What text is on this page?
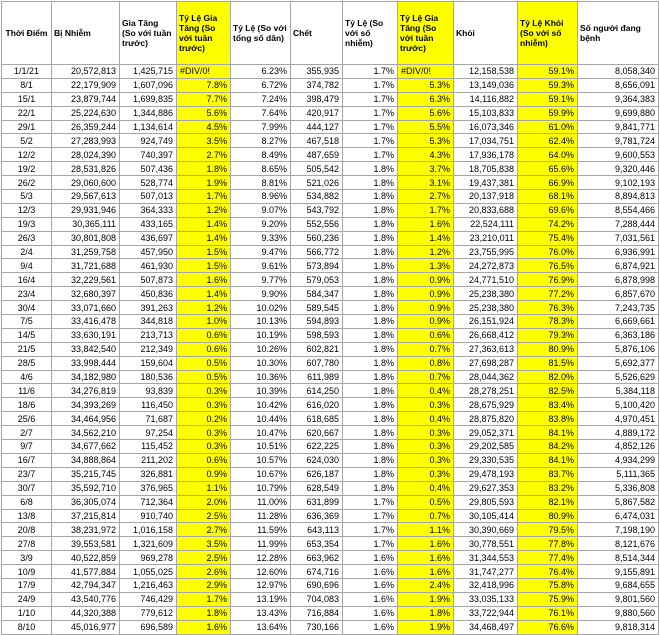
Thời Điểm	Bị Nhiễm	Gia Tăng (So với tuần trước)	Tỷ Lệ Gia Tăng (So với tuần trước)	Tỷ Lệ (So với tổng số dân)	Chết	Tỷ Lệ (So với số nhiễm)	Tỷ Lệ Gia Tăng (So với tuần trước)	Khỏi	Tỷ Lệ Khỏi (So với số nhiễm)	Số người đang bệnh
1/1/21	20,572,813	1,425,715	#DIV/0!	6.23%	355,935	1.7%	#DIV/0!	12,158,538	59.1%	8,058,340
8/1	22,179,909	1,607,096	7.8%	6.72%	374,782	1.7%	5.3%	13,149,036	59.3%	8,656,091
15/1	23,879,744	1,699,835	7.7%	7.24%	398,479	1.7%	6.3%	14,116,882	59.1%	9,364,383
22/1	25,224,630	1,344,886	5.6%	7.64%	420,917	1.7%	5.6%	15,103,833	59.9%	9,699,880
29/1	26,359,244	1,134,614	4.5%	7.99%	444,127	1.7%	5.5%	16,073,346	61.0%	9,841,771
5/2	27,283,993	924,749	3.5%	8.27%	467,518	1.7%	5.3%	17,034,751	62.4%	9,781,724
12/2	28,024,390	740,397	2.7%	8.49%	487,659	1.7%	4.3%	17,936,178	64.0%	9,600,553
19/2	28,531,826	507,436	1.8%	8.65%	505,542	1.8%	3.7%	18,705,838	65.6%	9,320,446
26/2	29,060,600	528,774	1.9%	8.81%	521,026	1.8%	3.1%	19,437,381	66.9%	9,102,193
5/3	29,567,613	507,013	1.7%	8.96%	534,882	1.8%	2.7%	20,137,918	68.1%	8,894,813
12/3	29,931,946	364,333	1.2%	9.07%	543,792	1.8%	1.7%	20,833,688	69.6%	8,554,466
19/3	30,365,111	433,165	1.4%	9.20%	552,556	1.8%	1.6%	22,524,111	74.2%	7,288,444
26/3	30,801,808	436,697	1.4%	9.33%	560,236	1.8%	1.4%	23,210,011	75.4%	7,031,561
2/4	31,259,758	457,950	1.5%	9.47%	566,772	1.8%	1.2%	23,755,995	76.0%	6,936,991
9/4	31,721,688	461,930	1.5%	9.61%	573,894	1.8%	1.3%	24,272,873	76.5%	6,874,921
16/4	32,229,561	507,873	1.6%	9.77%	579,053	1.8%	0.9%	24,771,510	76.9%	6,878,998
23/4	32,680,397	450,836	1.4%	9.90%	584,347	1.8%	0.9%	25,238,380	77.2%	6,857,670
30/4	33,071,660	391,263	1.2%	10.02%	589,545	1.8%	0.9%	25,238,380	76.3%	7,243,735
7/5	33,416,478	344,818	1.0%	10.13%	594,893	1.8%	0.9%	26,151,924	78.3%	6,669,661
14/5	33,630,191	213,713	0.6%	10.19%	598,593	1.8%	0.6%	26,668,412	79.3%	6,363,186
21/5	33,842,540	212,349	0.6%	10.26%	602,821	1.8%	0.7%	27,363,613	80.9%	5,876,106
28/5	33,998,444	159,604	0.5%	10.30%	607,780	1.8%	0.8%	27,698,287	81.5%	5,692,377
4/6	34,182,980	180,536	0.5%	10.36%	611,989	1.8%	0.7%	28,044,362	82.0%	5,526,629
11/6	34,276,819	93,839	0.3%	10.39%	614,250	1.8%	0.4%	28,278,251	82.5%	5,384,118
18/6	34,393,269	116,450	0.3%	10.42%	616,020	1.8%	0.3%	28,675,929	83.4%	5,100,420
25/6	34,464,956	71,687	0.2%	10.44%	618,685	1.8%	0.4%	28,875,820	83.8%	4,970,451
2/7	34,562,210	97,254	0.3%	10.47%	620,667	1.8%	0.3%	29,052,371	84.1%	4,889,172
9/7	34,677,662	115,452	0.3%	10.51%	622,225	1.8%	0.3%	29,202,585	84.2%	4,852,126
16/7	34,888,864	211,202	0.6%	10.57%	624,030	1.8%	0.3%	29,330,535	84.1%	4,934,299
23/7	35,215,745	326,881	0.9%	10.67%	626,187	1.8%	0.3%	29,478,193	83.7%	5,111,365
30/7	35,592,710	376,965	1.1%	10.79%	628,549	1.8%	0.4%	29,627,353	83.2%	5,336,808
6/8	36,305,074	712,364	2.0%	11.00%	631,899	1.7%	0.5%	29,805,593	82.1%	5,867,582
13/8	37,215,814	910,740	2.5%	11.28%	636,369	1.7%	0.7%	30,105,414	80.9%	6,474,031
20/8	38,231,972	1,016,158	2.7%	11.59%	643,113	1.7%	1.1%	30,390,669	79.5%	7,198,190
27/8	39,553,581	1,321,609	3.5%	11.99%	653,354	1.7%	1.6%	30,778,551	77.8%	8,121,676
3/9	40,522,859	969,278	2.5%	12.28%	663,962	1.6%	1.6%	31,344,553	77.4%	8,514,344
10/9	41,577,884	1,055,025	2.6%	12.60%	674,716	1.6%	1.6%	31,747,277	76.4%	9,155,891
17/9	42,794,347	1,216,463	2.9%	12.97%	690,696	1.6%	2.4%	32,418,996	75.8%	9,684,655
24/9	43,540,776	746,429	1.7%	13.19%	704,083	1.6%	1.9%	33,035,133	75.9%	9,801,560
1/10	44,320,388	779,612	1.8%	13.43%	716,884	1.6%	1.8%	33,722,944	76.1%	9,880,560
8/10	45,016,977	696,589	1.6%	13.64%	730,166	1.6%	1.9%	34,468,497	76.6%	9,818,314
